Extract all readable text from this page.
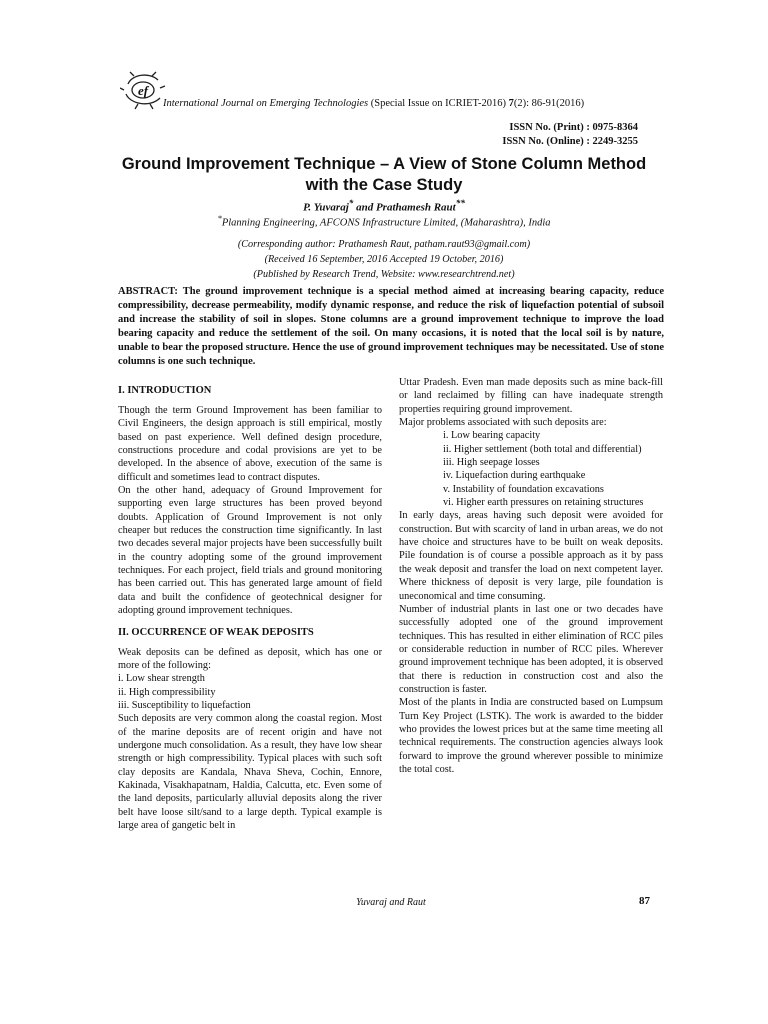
ef
International Journal on Emerging Technologies (Special Issue on ICRIET-2016) 7(2): 86-91(2016)
ISSN No. (Print) : 0975-8364
ISSN No. (Online) : 2249-3255
Ground Improvement Technique – A View of Stone Column Method
with the Case Study
P. Yuvaraj* and Prathamesh Raut**
*Planning Engineering, AFCONS Infrastructure Limited, (Maharashtra), India
(Corresponding author: Prathamesh Raut, patham.raut93@gmail.com)
(Received 16 September, 2016 Accepted 19 October, 2016)
(Published by Research Trend, Website: www.researchtrend.net)
ABSTRACT: The ground improvement technique is a special method aimed at increasing bearing capacity, reduce compressibility, decrease permeability, modify dynamic response, and reduce the risk of liquefaction potential of subsoil and increase the stability of soil in slopes. Stone columns are a ground improvement technique to improve the load bearing capacity and reduce the settlement of the soil. On many occasions, it is noted that the local soil is by nature, unable to bear the proposed structure. Hence the use of ground improvement techniques may be necessitated. Use of stone columns is one such technique.
I. INTRODUCTION

Though the term Ground Improvement has been familiar to Civil Engineers, the design approach is still empirical, mostly based on past experience. Well defined design procedure, constructions procedure and codal provisions are yet to be developed. In the absence of above, execution of the same is difficult and sometimes lead to contract disputes.

On the other hand, adequacy of Ground Improvement for supporting even large structures has been proved beyond doubts. Application of Ground Improvement is not only cheaper but reduces the construction time significantly. In last two decades several major projects have been successfully built in the country adopting some of the ground improvement techniques. For each project, field trials and ground monitoring has been carried out. This has generated large amount of field data and built the confidence of geotechnical designer for adopting ground improvement techniques.

II. OCCURRENCE OF WEAK DEPOSITS

Weak deposits can be defined as deposit, which has one or more of the following:

i. Low shear strength
ii. High compressibility
iii. Susceptibility to liquefaction

Such deposits are very common along the coastal region. Most of the marine deposits are of recent origin and have not undergone much consolidation. As a result, they have low shear strength or high compressibility. Typical places with such soft clay deposits are Kandala, Nhava Sheva, Cochin, Ennore, Kakinada, Visakhapatnam, Haldia, Calcutta, etc. Even some of the land deposits, particularly alluvial deposits along the river belt have loose silt/sand to a large depth. Typical example is large area of gangetic belt in

Uttar Pradesh. Even man made deposits such as mine back-fill or land reclaimed by filling can have inadequate strength properties requiring ground improvement.

Major problems associated with such deposits are:

i. Low bearing capacity
ii. Higher settlement (both total and differential)
iii. High seepage losses
iv. Liquefaction during earthquake
v. Instability of foundation excavations
vi. Higher earth pressures on retaining structures

In early days, areas having such deposit were avoided for construction. But with scarcity of land in urban areas, we do not have choice and structures have to be built on weak deposits. Pile foundation is of course a possible approach as it by pass the weak deposit and transfer the load on next competent layer. Where thickness of deposit is very large, pile foundation is uneconomical and time consuming.

Number of industrial plants in last one or two decades have successfully adopted one of the ground improvement techniques. This has resulted in either elimination of RCC piles or considerable reduction in number of RCC piles. Wherever ground improvement technique has been adopted, it is observed that there is reduction in construction cost and also the construction is faster.

Most of the plants in India are constructed based on Lumpsum Turn Key Project (LSTK). The work is awarded to the bidder who provides the lowest prices but at the same time meeting all technical requirements. The construction agencies always look forward to improve the ground wherever possible to minimize the total cost.

Yuvaraj and Raut	87
